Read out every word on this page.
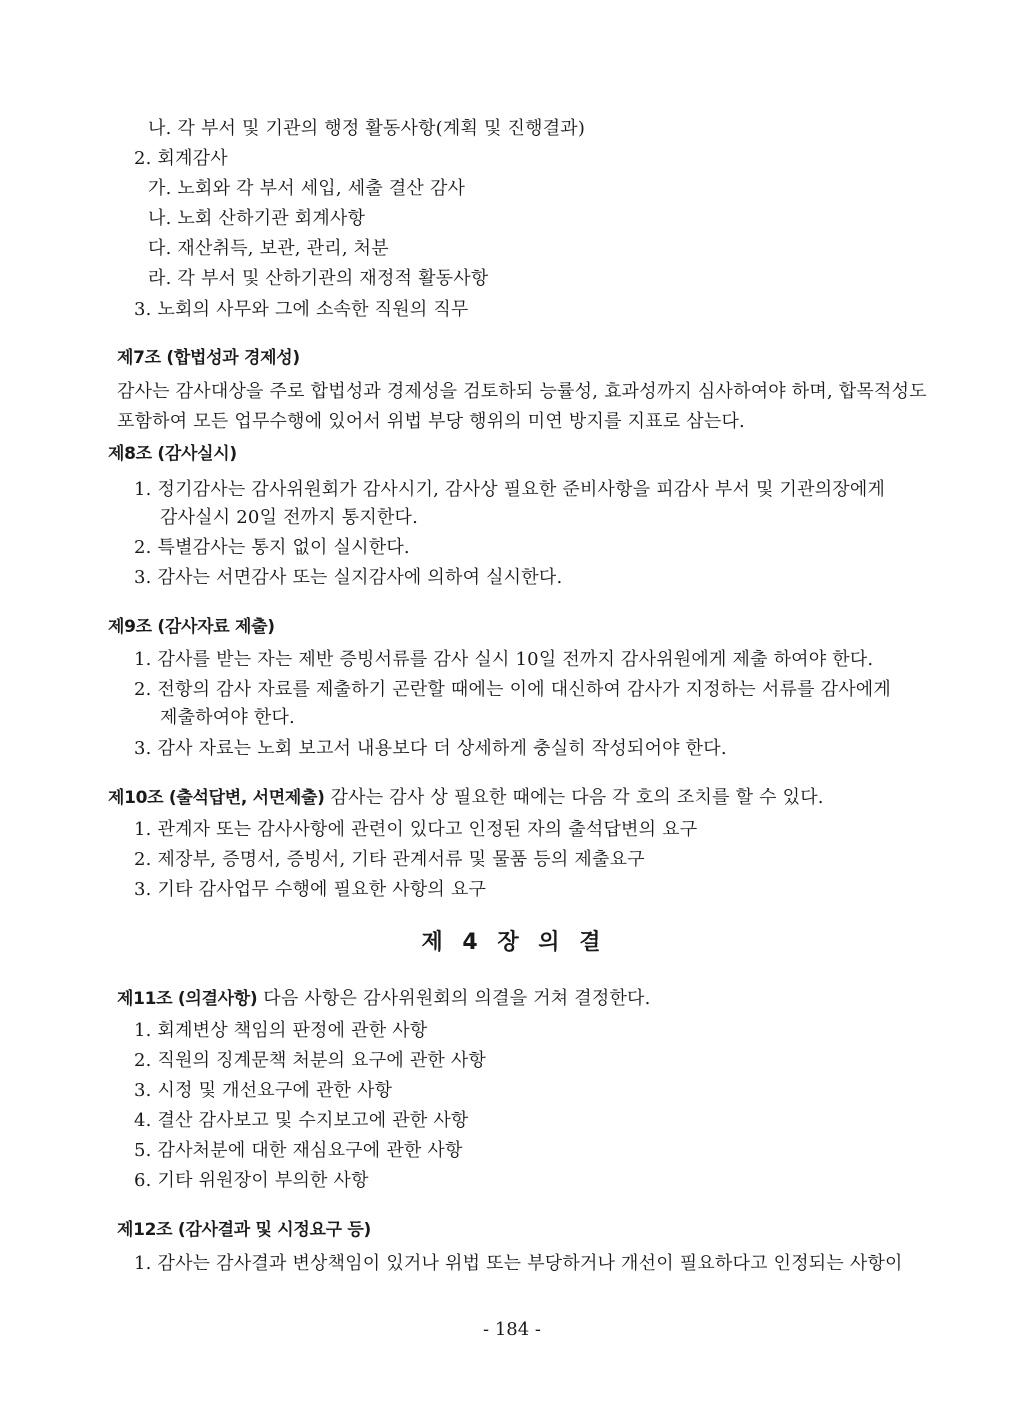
나. 각 부서 및 기관의 행정 활동사항(계획 및 진행결과)
2. 회계감사
가. 노회와 각 부서 세입, 세출 결산 감사
나. 노회 산하기관 회계사항
다. 재산취득, 보관, 관리, 처분
라. 각 부서 및 산하기관의 재정적 활동사항
3. 노회의 사무와 그에 소속한 직원의 직무
제7조 (합법성과 경제성)
감사는 감사대상을 주로 합법성과 경제성을 검토하되 능률성, 효과성까지 심사하여야 하며, 합목적성도
포함하여 모든 업무수행에 있어서 위법 부당 행위의 미연 방지를 지표로 삼는다.
제8조 (감사실시)
1. 정기감사는 감사위원회가 감사시기, 감사상 필요한 준비사항을 피감사 부서 및 기관의장에게
감사실시 20일 전까지 통지한다.
2. 특별감사는 통지 없이 실시한다.
3. 감사는 서면감사 또는 실지감사에 의하여 실시한다.
제9조 (감사자료 제출)
1. 감사를 받는 자는 제반 증빙서류를 감사 실시 10일 전까지 감사위원에게 제출 하여야 한다.
2. 전항의 감사 자료를 제출하기 곤란할 때에는 이에 대신하여 감사가 지정하는 서류를 감사에게
제출하여야 한다.
3. 감사 자료는 노회 보고서 내용보다 더 상세하게 충실히 작성되어야 한다.
제10조 (출석답변, 서면제출) 감사는 감사 상 필요한 때에는 다음 각 호의 조치를 할 수 있다.
1. 관계자 또는 감사사항에 관련이 있다고 인정된 자의 출석답변의 요구
2. 제장부, 증명서, 증빙서, 기타 관계서류 및 물품 등의 제출요구
3. 기타 감사업무 수행에 필요한 사항의 요구
제 4 장 의 결
제11조 (의결사항) 다음 사항은 감사위원회의 의결을 거쳐 결정한다.
1. 회계변상 책임의 판정에 관한 사항
2. 직원의 징계문책 처분의 요구에 관한 사항
3. 시정 및 개선요구에 관한 사항
4. 결산 감사보고 및 수지보고에 관한 사항
5. 감사처분에 대한 재심요구에 관한 사항
6. 기타 위원장이 부의한 사항
제12조 (감사결과 및 시정요구 등)
1. 감사는 감사결과 변상책임이 있거나 위법 또는 부당하거나 개선이 필요하다고 인정되는 사항이
- 184 -
